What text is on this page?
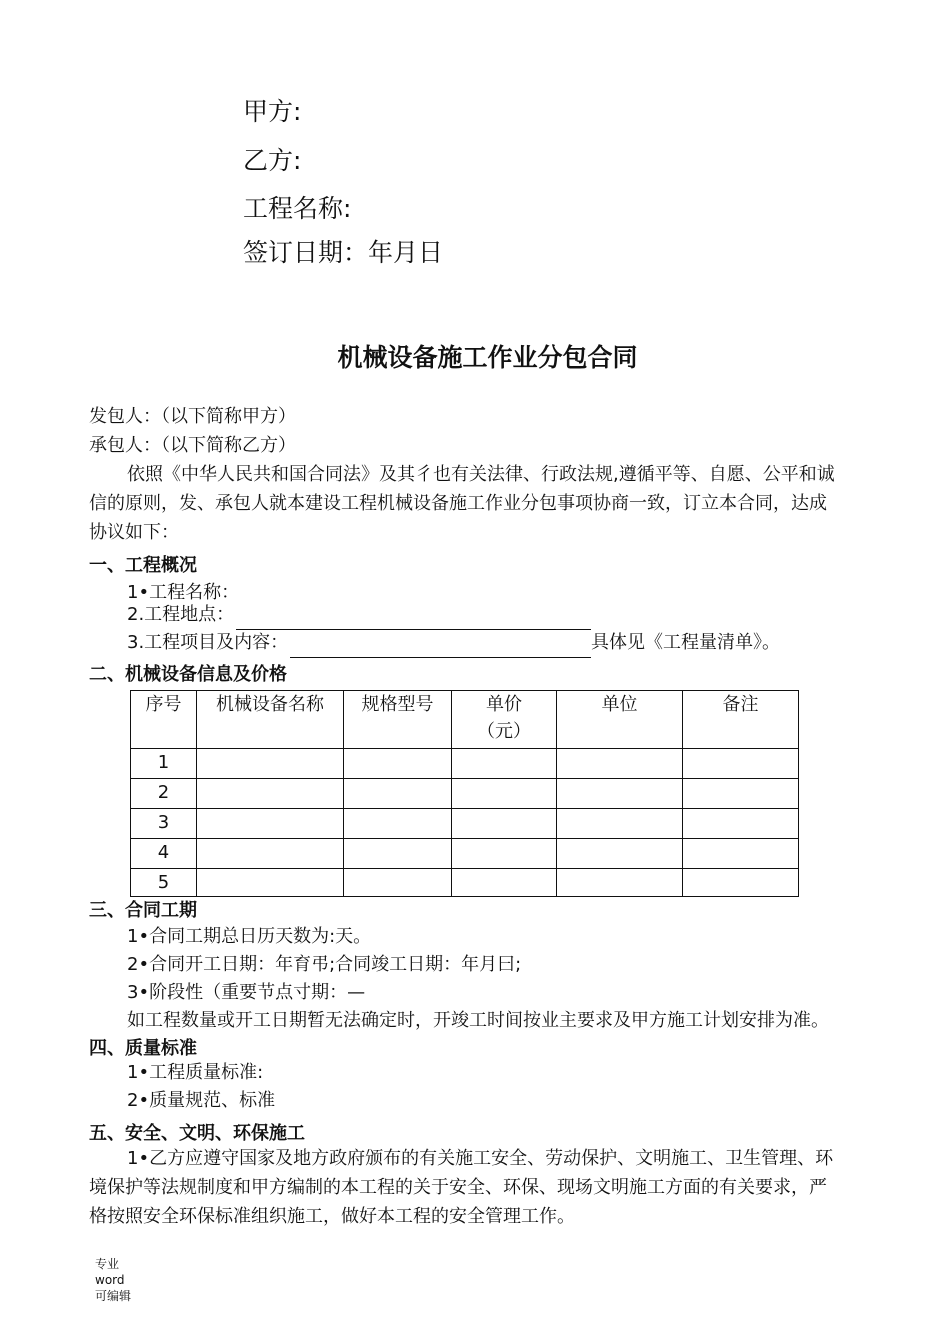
甲方:
乙方:
工程名称:
签订日期：年月日
机械设备施工作业分包合同
发包人：（以下简称甲方）
承包人：（以下简称乙方）
依照《中华人民共和国合同法》及其彳也有关法律、行政法规,遵循平等、自愿、公平和诚
信的原则，发、承包人就本建设工程机械设备施工作业分包事项协商一致，订立本合同，达成
协议如下：
一、工程概况
1•工程名称：
2.工程地点：
3.工程项目及内容：	具体见《工程量清单》。
二、机械设备信息及价格
序号	机械设备名称	规格型号	单价
（元）	单位	备注
1					
2					
3					
4					
5					
三、合同工期
1•合同工期总日历天数为:天。
2•合同开工日期：年育弔;合同竣工日期：年月曰;
3•阶段性（重要节点寸期：—
如工程数量或开工日期暂无法确定时，开竣工时间按业主要求及甲方施工计划安排为准。
四、质量标准
1•工程质量标准:
2•质量规范、标准
五、安全、文明、环保施工
1•乙方应遵守国家及地方政府颁布的有关施工安全、劳动保护、文明施工、卫生管理、环
境保护等法规制度和甲方编制的本工程的关于安全、环保、现场文明施工方面的有关要求，严
格按照安全环保标准组织施工，做好本工程的安全管理工作。
专业
word
可编辑
